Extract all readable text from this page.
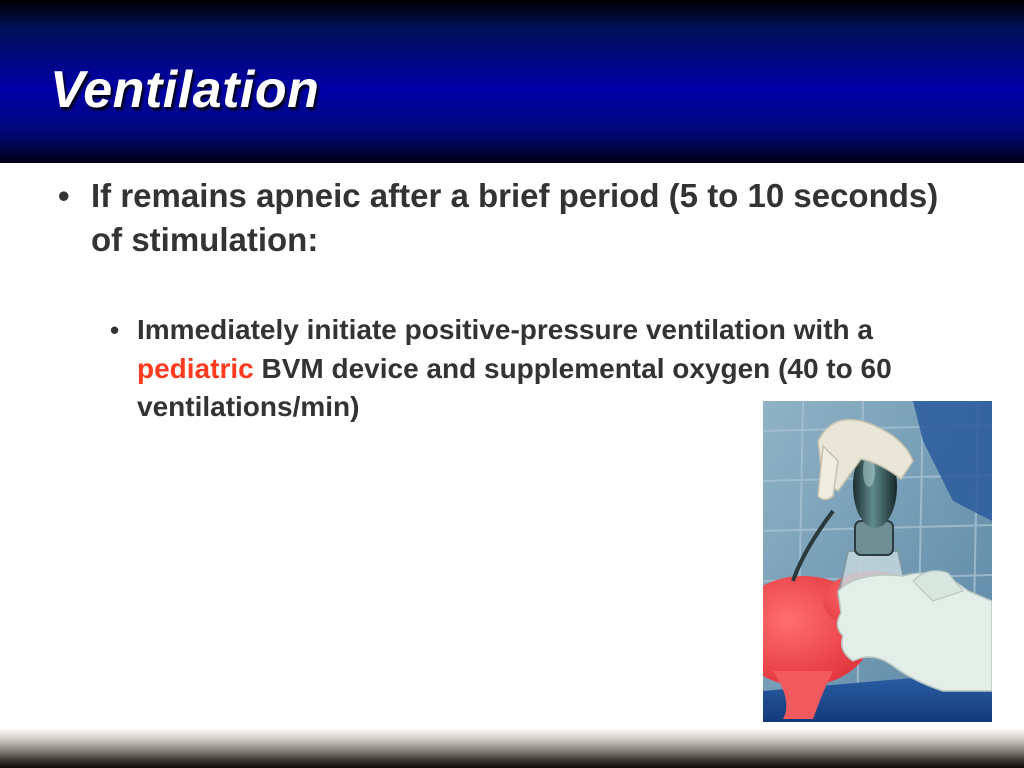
Ventilation
• If remains apneic after a brief period (5 to 10 seconds) of stimulation:
• Immediately initiate positive-pressure ventilation with a pediatric BVM device and supplemental oxygen (40 to 60 ventilations/min)
